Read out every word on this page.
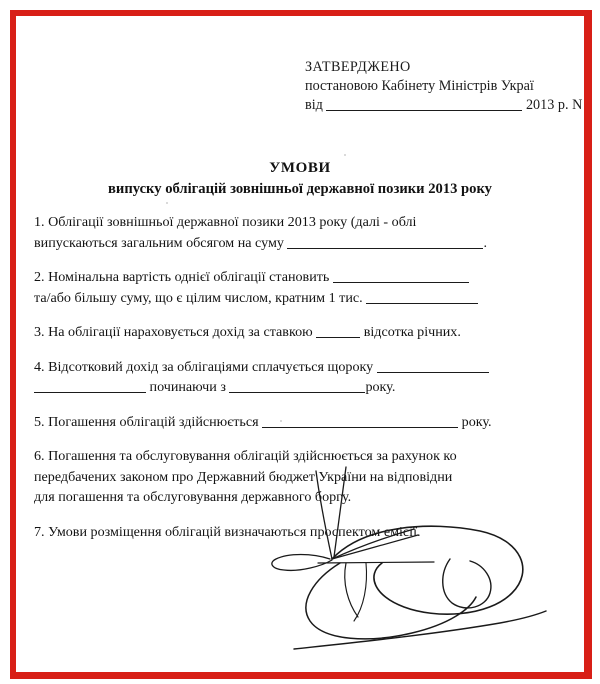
ЗАТВЕРДЖЕНО
постановою Кабінету Міністрів Украї
від	2013 р. N
УМОВИ
випуску облігацій зовнішньої державної позики 2013 року

1. Облігації зовнішньої державної позики 2013 року (далі - облі
випускаються загальним обсягом на суму	.

2. Номінальна вартість однієї облігації становить
та/або більшу суму, що є цілим числом, кратним 1 тис.

3. На облігації нараховується дохід за ставкою	відсотка річних.

4. Відсотковий дохід за облігаціями сплачується щороку
починаючи з	року.

5. Погашення облігацій здійснюється	року.

6. Погашення та обслуговування облігацій здійснюється за рахунок ко
передбачених законом про Державний бюджет України на відповідни
для погашення та обслуговування державного боргу.

7. Умови розміщення облігацій визначаються проспектом емісії.
